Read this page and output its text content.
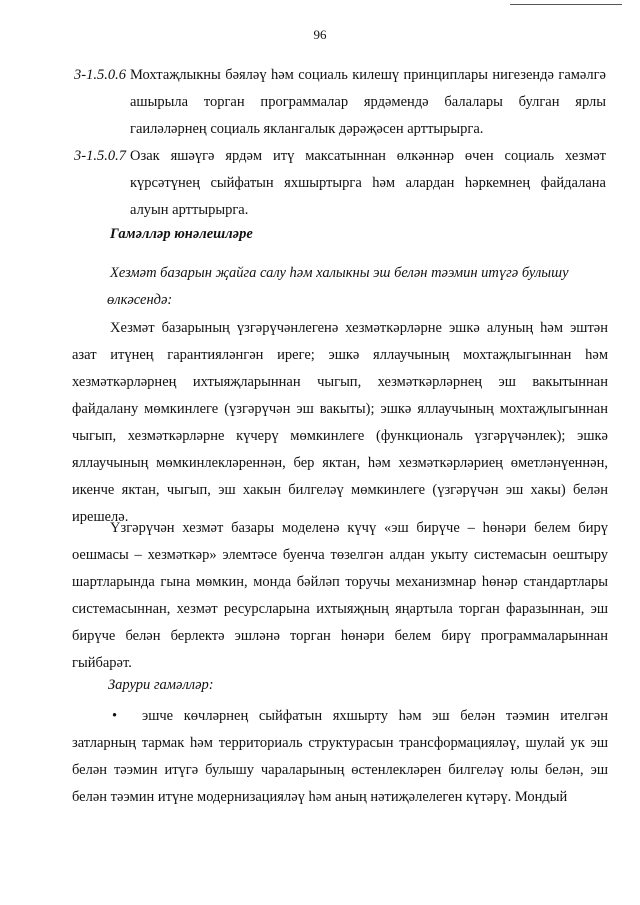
96
3-1.5.0.6 Мохтаҗлыкны бәяләү һәм социаль килешү принциплары нигезендә гамәлгә ашырыла торган программалар ярдәмендә балалары булган ярлы гаиләләрнең социаль яклангалык дәрәҗәсен арттырырга.
3-1.5.0.7 Озак яшәүгә ярдәм итү максатыннан өлкәннәр өчен социаль хезмәт күрсәтүнең сыйфатын яхшыртырга һәм алардан һәркемнең файдалана алуын арттырырга.
Гамәлләр юнәлешләре
Хезмәт базарын җайга салу һәм халыкны эш белән тәэмин итүгә булышу
өлкәсендә:
Хезмәт базарының үзгәрүчәнлегенә хезмәткәрләрне эшкә алуның һәм эштән азат итүнең гарантияләнгән иреге; эшкә яллаучының мохтаҗлыгыннан һәм хезмәткәрләрнең ихтыяҗларыннан чыгып, хезмәткәрләрнең эш вакытыннан файдалану мөмкинлеге (үзгәрүчән эш вакыты); эшкә яллаучының мохтаҗлыгыннан чыгып, хезмәткәрләрне күчерү мөмкинлеге (функциональ үзгәрүчәнлек); эшкә яллаучының мөмкинлекләреннән, бер яктан, һәм хезмәткәрләриең өметләнүеннән, икенче яктан, чыгып, эш хакын билгеләү мөмкинлеге (үзгәрүчән эш хакы) белән ирешелә.
Үзгәрүчән хезмәт базары моделенә күчү «эш бирүче – һөнәри белем бирү оешмасы – хезмәткәр» элемтәсе буенча төзелгән алдан укыту системасын оештыру шартларында гына мөмкин, монда бәйләп торучы механизмнар һөнәр стандартлары системасыннан, хезмәт ресурсларына ихтыяҗның яңартыла торган фаразыннан, эш бирүче белән берлектә эшләнә торган һөнәри белем бирү программаларыннан гыйбарәт.
Зарури гамәлләр:
• эшче көчләрнең сыйфатын яхшырту һәм эш белән тәэмин ителгән затларның тармак һәм территориаль структурасын трансформацияләү, шулай ук эш белән тәэмин итүгә булышу чараларының өстенлекләрен билгеләү юлы белән, эш белән тәэмин итүне модернизацияләү һәм аның нәтиҗәлелеген күтәрү. Мондый
